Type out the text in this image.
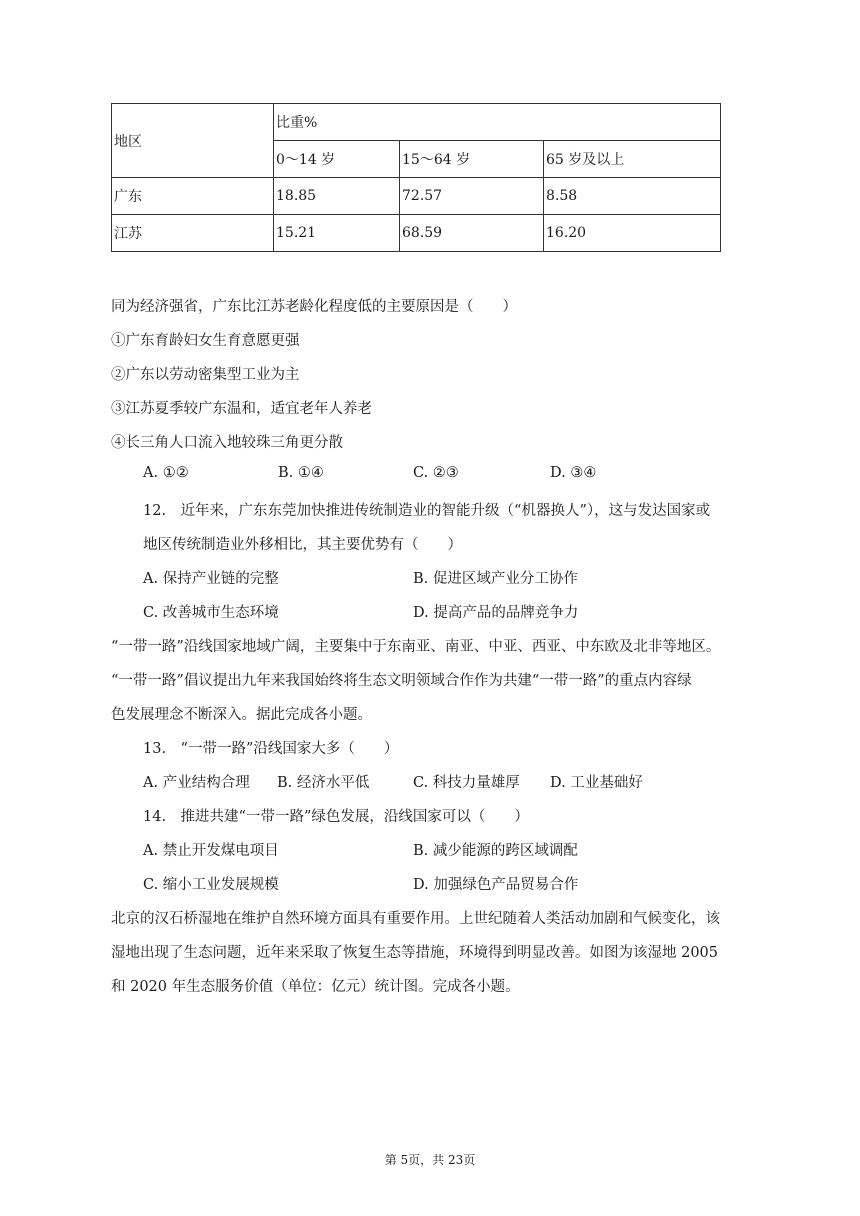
地区	比重%		
	0～14 岁	15～64 岁	65 岁及以上
广东	18.85	72.57	8.58
江苏	15.21	68.59	16.20
同为经济强省，广东比江苏老龄化程度低的主要原因是（　　）
①广东育龄妇女生育意愿更强
②广东以劳动密集型工业为主
③江苏夏季较广东温和，适宜老年人养老
④长三角人口流入地较珠三角更分散
A. ①②	B. ①④	C. ②③	D. ③④
12.　近年来，广东东莞加快推进传统制造业的智能升级（“机器换人”），这与发达国家或
地区传统制造业外移相比，其主要优势有（　　）
A. 保持产业链的完整	B. 促进区域产业分工协作
C. 改善城市生态环境	D. 提高产品的品牌竞争力
“一带一路”沿线国家地域广阔，主要集中于东南亚、南亚、中亚、西亚、中东欧及北非等地区。
“一带一路”倡议提出九年来我国始终将生态文明领域合作作为共建“一带一路”的重点内容绿
色发展理念不断深入。据此完成各小题。
13.　“一带一路”沿线国家大多（　　）
A. 产业结构合理 B. 经济水平低	C. 科技力量雄厚 D. 工业基础好
14.　推进共建“一带一路”绿色发展，沿线国家可以（　　）
A. 禁止开发煤电项目	B. 减少能源的跨区域调配
C. 缩小工业发展规模	D. 加强绿色产品贸易合作
北京的汉石桥湿地在维护自然环境方面具有重要作用。上世纪随着人类活动加剧和气候变化，该
湿地出现了生态问题，近年来采取了恢复生态等措施，环境得到明显改善。如图为该湿地 2005
和 2020 年生态服务价值（单位：亿元）统计图。完成各小题。
第 5页，共 23页
